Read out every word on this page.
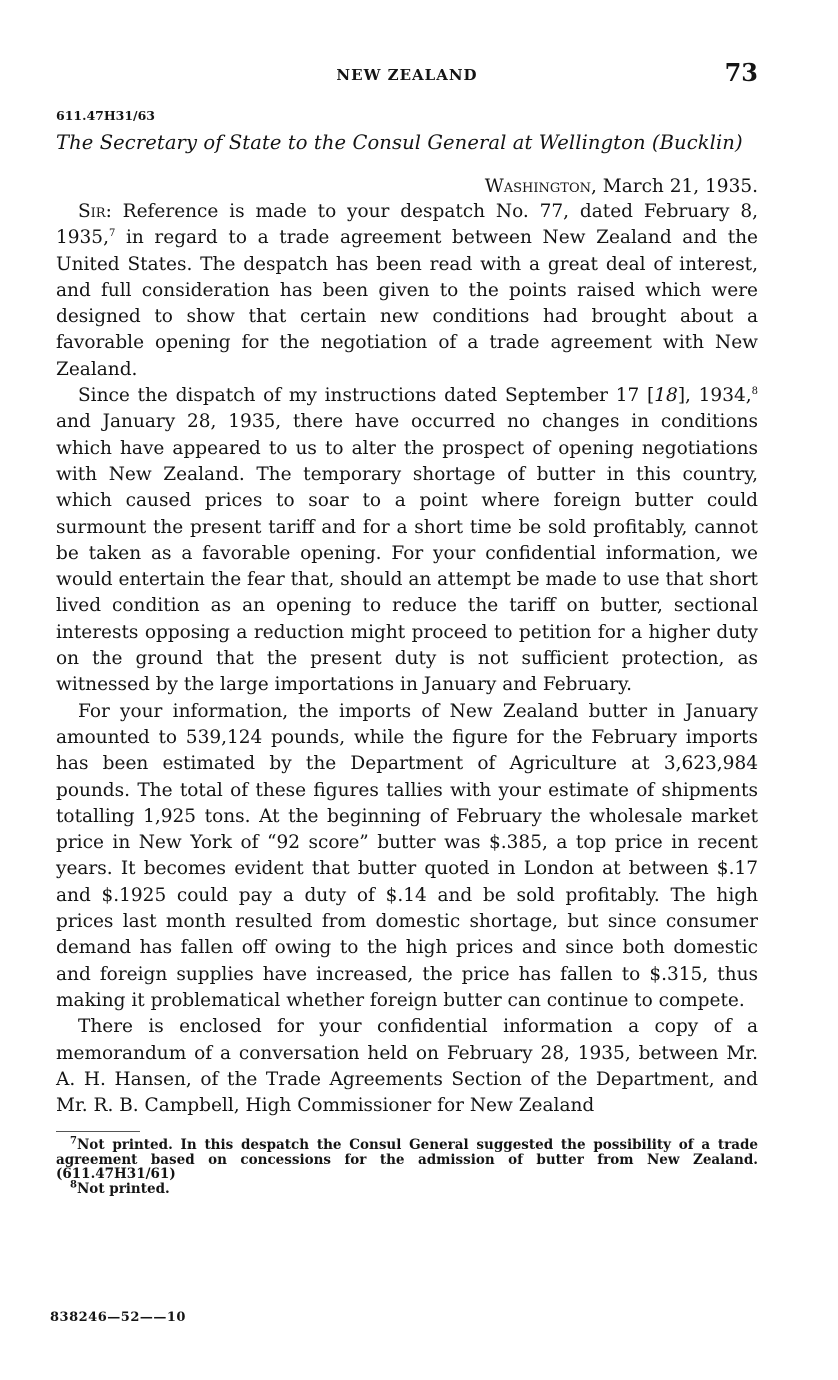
NEW ZEALAND	73
611.47H31/63
The Secretary of State to the Consul General at Wellington (Bucklin)
Washington, March 21, 1935.

Sir: Reference is made to your despatch No. 77, dated February 8, 1935,$^7$ in regard to a trade agreement between New Zealand and the United States. The despatch has been read with a great deal of interest, and full consideration has been given to the points raised which were designed to show that certain new conditions had brought about a favorable opening for the negotiation of a trade agreement with New Zealand.

Since the dispatch of my instructions dated September 17 [18], 1934,$^8$ and January 28, 1935, there have occurred no changes in conditions which have appeared to us to alter the prospect of opening negotiations with New Zealand. The temporary shortage of butter in this country, which caused prices to soar to a point where foreign butter could surmount the present tariff and for a short time be sold profitably, cannot be taken as a favorable opening. For your confidential information, we would entertain the fear that, should an attempt be made to use that short lived condition as an opening to reduce the tariff on butter, sectional interests opposing a reduction might proceed to petition for a higher duty on the ground that the present duty is not sufficient protection, as witnessed by the large importations in January and February.

For your information, the imports of New Zealand butter in January amounted to 539,124 pounds, while the figure for the February imports has been estimated by the Department of Agriculture at 3,623,984 pounds. The total of these figures tallies with your estimate of shipments totalling 1,925 tons. At the beginning of February the wholesale market price in New York of “92 score” butter was $.385, a top price in recent years. It becomes evident that butter quoted in London at between $.17 and $.1925 could pay a duty of $.14 and be sold profitably. The high prices last month resulted from domestic shortage, but since consumer demand has fallen off owing to the high prices and since both domestic and foreign supplies have increased, the price has fallen to $.315, thus making it problematical whether foreign butter can continue to compete.

There is enclosed for your confidential information a copy of a memorandum of a conversation held on February 28, 1935, between Mr. A. H. Hansen, of the Trade Agreements Section of the Department, and Mr. R. B. Campbell, High Commissioner for New Zealand

$^7$Not printed. In this despatch the Consul General suggested the possibility of a trade agreement based on concessions for the admission of butter from New Zealand. (611.47H31/61)
$^8$Not printed.
838246—52——10
